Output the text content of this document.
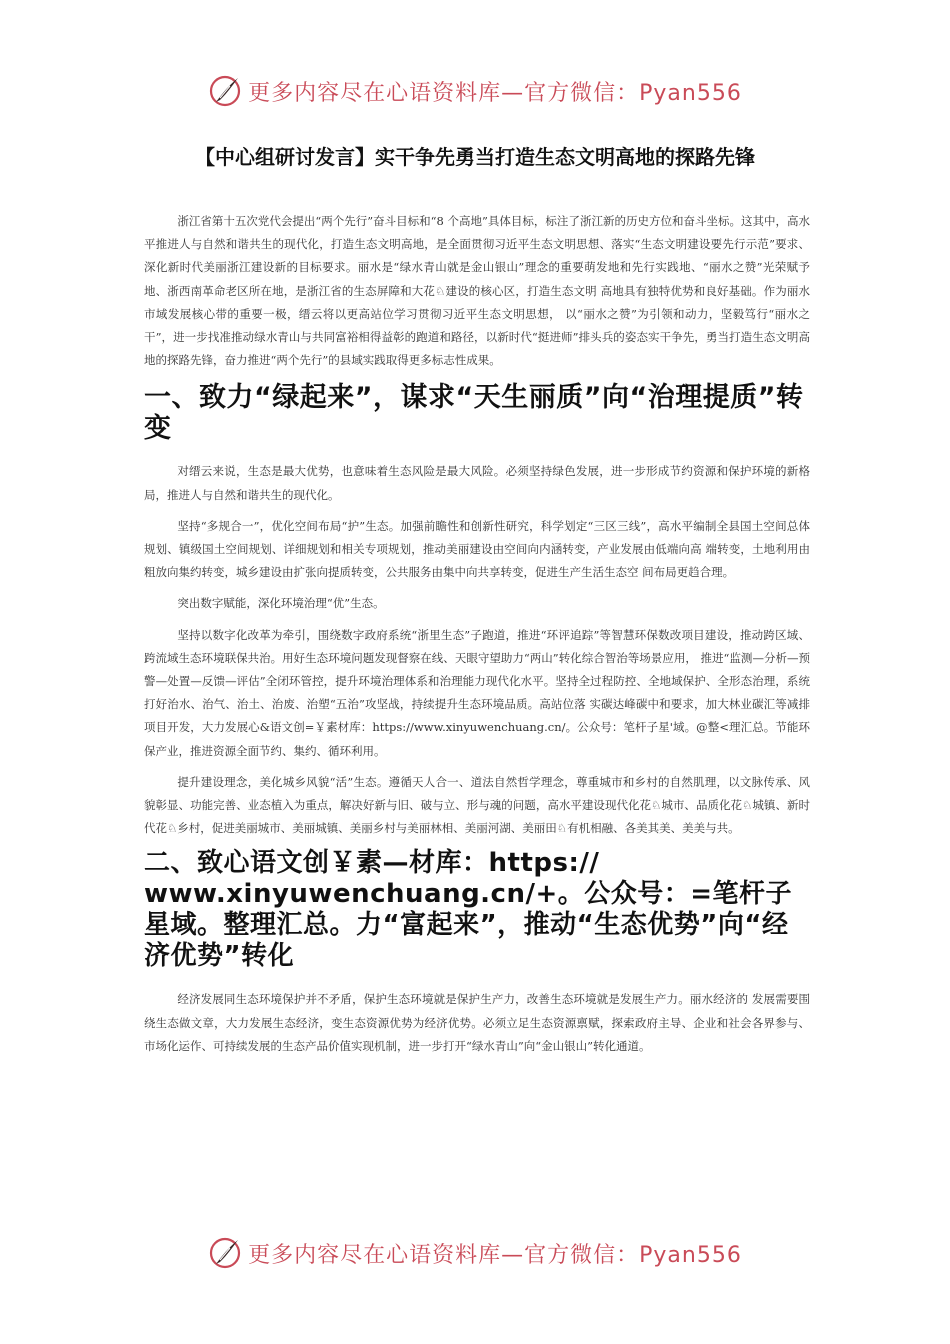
更多内容尽在心语资料库—官方微信：Pyan556
【中心组研讨发言】实干争先勇当打造生态文明高地的探路先锋

浙江省第十五次党代会提出“两个先行”奋斗目标和“8 个高地”具体目标，标注了浙江新的历史方位和奋斗坐标。这其中，高水平推进人与自然和谐共生的现代化，打造生态文明高地，是全面贯彻习近平生态文明思想、落实“生态文明建设要先行示范”要求、深化新时代美丽浙江建设新的目标要求。丽水是“绿水青山就是金山银山”理念的重要萌发地和先行实践地、“丽水之赞”光荣赋予地、浙西南革命老区所在地，是浙江省的生态屏障和大花♘建设的核心区，打造生态文明 高地具有独特优势和良好基础。作为丽水市域发展核心带的重要一极，缙云将以更高站位学习贯彻习近平生态文明思想， 以“丽水之赞”为引领和动力，坚毅笃行“丽水之干”，进一步找准推动绿水青山与共同富裕相得益彰的跑道和路径，以新时代“挺进师”排头兵的姿态实干争先，勇当打造生态文明高地的探路先锋，奋力推进“两个先行”的县域实践取得更多标志性成果。

一、致力“绿起来”，谋求“天生丽质”向“治理提质”转变

对缙云来说，生态是最大优势，也意味着生态风险是最大风险。必须坚持绿色发展，进一步形成节约资源和保护环境的新格局，推进人与自然和谐共生的现代化。

坚持“多规合一”，优化空间布局“护”生态。加强前瞻性和创新性研究，科学划定“三区三线”，高水平编制全县国土空间总体规划、镇级国土空间规划、详细规划和相关专项规划，推动美丽建设由空间向内涵转变，产业发展由低端向高 端转变，土地利用由粗放向集约转变，城乡建设由扩张向提质转变，公共服务由集中向共享转变，促进生产生活生态空 间布局更趋合理。

突出数字赋能，深化环境治理“优”生态。

坚持以数字化改革为牵引，围绕数字政府系统“浙里生态”子跑道，推进“环评追踪”等智慧环保数改项目建设，推动跨区域、跨流域生态环境联保共治。用好生态环境问题发现督察在线、天眼守望助力“两山”转化综合智治等场景应用， 推进“监测—分析—预警—处置—反馈—评估”全闭环管控，提升环境治理体系和治理能力现代化水平。坚持全过程防控、全地域保护、全形态治理，系统打好治水、治气、治土、治废、治塑“五治”攻坚战，持续提升生态环境品质。高站位落 实碳达峰碳中和要求，加大林业碳汇等减排项目开发，大力发展心&语文创=￥素材库：https://www.xinyuwenchuang.cn/。公众号：笔杆子星'域。@整<理汇总。节能环保产业，推进资源全面节约、集约、循环利用。

提升建设理念，美化城乡风貌“活”生态。遵循天人合一、道法自然哲学理念，尊重城市和乡村的自然肌理，以文脉传承、风貌彰显、功能完善、业态植入为重点，解决好新与旧、破与立、形与魂的问题，高水平建设现代化花♘城市、品质化花♘城镇、新时代花♘乡村，促进美丽城市、美丽城镇、美丽乡村与美丽林相、美丽河湖、美丽田♘有机相融、各美其美、美美与共。

二、致心语文创￥素—材库：https:// www.xinyuwenchuang.cn/+。公众号：=笔杆子星域。整理汇总。力“富起来”，推动“生态优势”向“经济优势”转化

经济发展同生态环境保护并不矛盾，保护生态环境就是保护生产力，改善生态环境就是发展生产力。丽水经济的 发展需要围绕生态做文章，大力发展生态经济，变生态资源优势为经济优势。必须立足生态资源禀赋，探索政府主导、企业和社会各界参与、市场化运作、可持续发展的生态产品价值实现机制，进一步打开“绿水青山”向“金山银山”转化通道。

更多内容尽在心语资料库—官方微信：Pyan556
